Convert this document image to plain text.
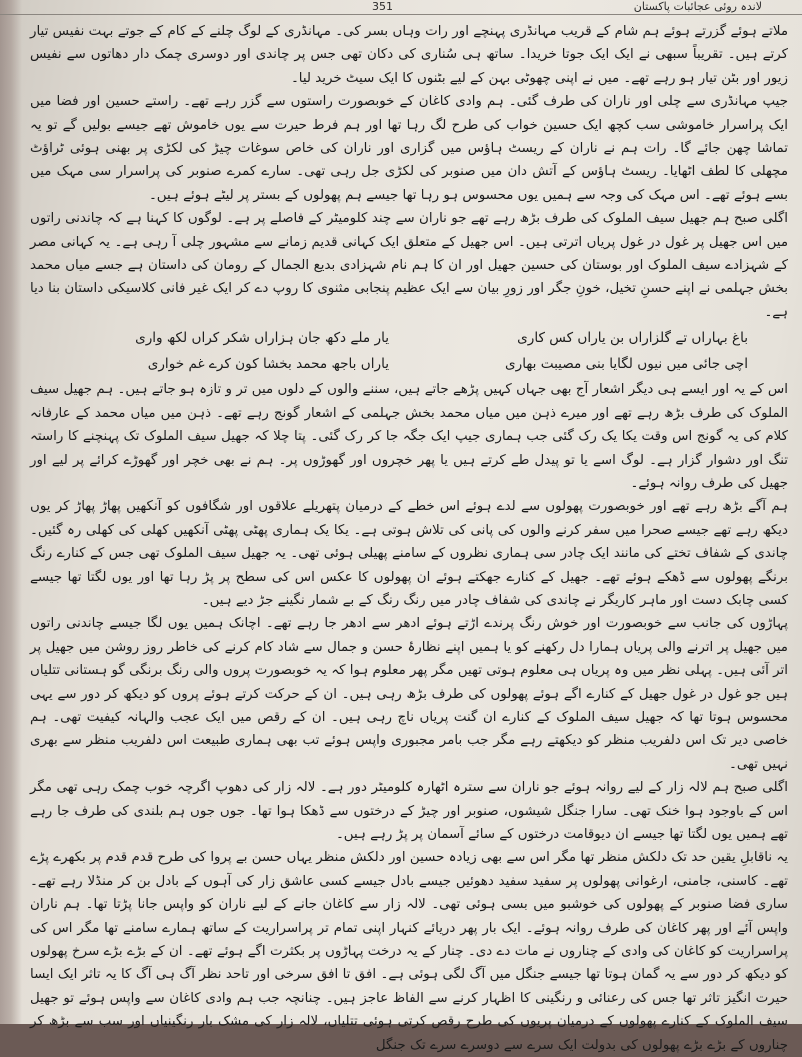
لاندہ روئی عجائبات پاکستان
351

ملاتے ہوئے گزرتے ہوئے ہم شام کے قریب مہانڈری پہنچے اور رات وہاں بسر کی۔ مہانڈری کے لوگ چلنے کے کام کے جوتے بہت نفیس تیار کرتے ہیں۔ تقریباً سبھی نے ایک ایک جوتا خریدا۔ ساتھ ہی سُناری کی دکان تھی جس پر چاندی اور دوسری چمک دار دھاتوں سے نفیس زیور اور بٹن تیار ہو رہے تھے۔ میں نے اپنی چھوٹی بہن کے لیے بٹنوں کا ایک سیٹ خرید لیا۔

جیپ مہانڈری سے چلی اور ناران کی طرف گئی۔ ہم وادی کاغان کے خوبصورت راستوں سے گزر رہے تھے۔ راستے حسین اور فضا میں ایک پراسرار خاموشی سب کچھ ایک حسین خواب کی طرح لگ رہا تھا اور ہم فرط حیرت سے یوں خاموش تھے جیسے بولیں گے تو یہ تماشا چھن جائے گا۔ رات ہم نے ناران کے ریسٹ ہاؤس میں گزاری اور ناران کی خاص سوغات چیڑ کی لکڑی پر بھنی ہوئی ٹراؤٹ مچھلی کا لطف اٹھایا۔ ریسٹ ہاؤس کے آتش دان میں صنوبر کی لکڑی جل رہی تھی۔ سارے کمرے صنوبر کی پراسرار سی مہک میں بسے ہوئے تھے۔ اس مہک کی وجہ سے ہمیں یوں محسوس ہو رہا تھا جیسے ہم پھولوں کے بستر پر لیٹے ہوئے ہیں۔

اگلی صبح ہم جھیل سیف الملوک کی طرف بڑھ رہے تھے جو ناران سے چند کلومیٹر کے فاصلے پر ہے۔ لوگوں کا کہنا ہے کہ چاندنی راتوں میں اس جھیل پر غول در غول پریاں اترتی ہیں۔ اس جھیل کے متعلق ایک کہانی قدیم زمانے سے مشہور چلی آ رہی ہے۔ یہ کہانی مصر کے شہزادے سیف الملوک اور بوستان کی حسین جھیل اور ان کا ہم نام شہزادی بدیع الجمال کے رومان کی داستان ہے جسے میاں محمد بخش جہلمی نے اپنے حسنِ تخیل، خونِ جگر اور زورِ بیان سے ایک عظیم پنجابی مثنوی کا روپ دے کر ایک غیر فانی کلاسیکی داستان بنا دیا ہے۔

باغ بہاراں تے گلزاراں بن یاراں کس کاری
یار ملے دکھ جان ہزاراں شکر کراں لکھ واری
اچی جائی میں نیوں لگایا بنی مصیبت بھاری
یاراں باجھ محمد بخشا کون کرے غم خواری

اس کے یہ اور ایسے ہی دیگر اشعار آج بھی جہاں کہیں پڑھے جاتے ہیں، سننے والوں کے دلوں میں تر و تازہ ہو جاتے ہیں۔ ہم جھیل سیف الملوک کی طرف بڑھ رہے تھے اور میرے ذہن میں میاں محمد بخش جہلمی کے اشعار گونج رہے تھے۔ ذہن میں میاں محمد کے عارفانہ کلام کی یہ گونج اس وقت یکا یک رک گئی جب ہماری جیپ ایک جگہ جا کر رک گئی۔ پتا چلا کہ جھیل سیف الملوک تک پہنچنے کا راستہ تنگ اور دشوار گزار ہے۔ لوگ اسے یا تو پیدل طے کرتے ہیں یا پھر خچروں اور گھوڑوں پر۔ ہم نے بھی خچر اور گھوڑے کرائے پر لیے اور جھیل کی طرف روانہ ہوئے۔

ہم آگے بڑھ رہے تھے اور خوبصورت پھولوں سے لدے ہوئے اس خطے کے درمیان پتھریلے علاقوں اور شگافوں کو آنکھیں پھاڑ پھاڑ کر یوں دیکھ رہے تھے جیسے صحرا میں سفر کرنے والوں کی پانی کی تلاش ہوتی ہے۔ یکا یک ہماری پھٹی پھٹی آنکھیں کھلی کی کھلی رہ گئیں۔ چاندی کے شفاف تختے کی مانند ایک چادر سی ہماری نظروں کے سامنے پھیلی ہوئی تھی۔ یہ جھیل سیف الملوک تھی جس کے کنارے رنگ برنگے پھولوں سے ڈھکے ہوئے تھے۔ جھیل کے کنارے جھکتے ہوئے ان پھولوں کا عکس اس کی سطح پر پڑ رہا تھا اور یوں لگتا تھا جیسے کسی چابک دست اور ماہر کاریگر نے چاندی کی شفاف چادر میں رنگ رنگ کے بے شمار نگینے جڑ دیے ہیں۔

پہاڑوں کی جانب سے خوبصورت اور خوش رنگ پرندے اڑتے ہوئے ادھر سے ادھر جا رہے تھے۔ اچانک ہمیں یوں لگا جیسے چاندنی راتوں میں جھیل پر اترنے والی پریاں ہمارا دل رکھنے کو یا ہمیں اپنے نظارۂ حسن و جمال سے شاد کام کرنے کی خاطر روز روشن میں جھیل پر اتر آئی ہیں۔ پہلی نظر میں وہ پریاں ہی معلوم ہوتی تھیں مگر پھر معلوم ہوا کہ یہ خوبصورت پروں والی رنگ برنگی گو ہستانی تتلیاں ہیں جو غول در غول جھیل کے کنارے اگے ہوئے پھولوں کی طرف بڑھ رہی ہیں۔ ان کے حرکت کرتے ہوئے پروں کو دیکھ کر دور سے یہی محسوس ہوتا تھا کہ جھیل سیف الملوک کے کنارے ان گنت پریاں ناچ رہی ہیں۔ ان کے رقص میں ایک عجب والہانہ کیفیت تھی۔ ہم خاصی دیر تک اس دلفریب منظر کو دیکھتے رہے مگر جب بامر مجبوری واپس ہوئے تب بھی ہماری طبیعت اس دلفریب منظر سے بھری نہیں تھی۔

اگلی صبح ہم لالہ زار کے لیے روانہ ہوئے جو ناران سے سترہ اٹھارہ کلومیٹر دور ہے۔ لالہ زار کی دھوپ اگرچہ خوب چمک رہی تھی مگر اس کے باوجود ہوا خنک تھی۔ سارا جنگل شیشوں، صنوبر اور چیڑ کے درختوں سے ڈھکا ہوا تھا۔ جوں جوں ہم بلندی کی طرف جا رہے تھے ہمیں یوں لگتا تھا جیسے ان دیوقامت درختوں کے سائے آسمان پر پڑ رہے ہیں۔

یہ ناقابلِ یقین حد تک دلکش منظر تھا مگر اس سے بھی زیادہ حسین اور دلکش منظر یہاں حسن بے پروا کی طرح قدم قدم پر بکھرے پڑے تھے۔ کاسنی، جامنی، ارغوانی پھولوں پر سفید سفید دھوئیں جیسے بادل جیسے کسی عاشق زار کی آہوں کے بادل بن کر منڈلا رہے تھے۔ ساری فضا صنوبر کے پھولوں کی خوشبو میں بسی ہوئی تھی۔ لالہ زار سے کاغان جانے کے لیے ناران کو واپس جانا پڑتا تھا۔ ہم ناران واپس آئے اور پھر کاغان کی طرف روانہ ہوئے۔ ایک بار پھر دریائے کنہار اپنی تمام تر پراسراریت کے ساتھ ہمارے سامنے تھا مگر اس کی پراسراریت کو کاغان کی وادی کے چناروں نے مات دے دی۔ چنار کے یہ درخت پہاڑوں پر بکثرت اگے ہوئے تھے۔ ان کے بڑے بڑے سرخ پھولوں کو دیکھ کر دور سے یہ گمان ہوتا تھا جیسے جنگل میں آگ لگی ہوئی ہے۔ افق تا افق سرخی اور تاحد نظر آگ ہی آگ کا یہ تاثر ایک ایسا حیرت انگیز تاثر تھا جس کی رعنائی و رنگینی کا اظہار کرنے سے الفاظ عاجز ہیں۔ چنانچہ جب ہم وادی کاغان سے واپس ہوئے تو جھیل سیف الملوک کے کنارے پھولوں کے درمیان پریوں کی طرح رقص کرتی ہوئی تتلیاں، لالہ زار کی مشک بار رنگینیاں اور سب سے بڑھ کر چناروں کے بڑے بڑے پھولوں کی بدولت ایک سرے سے دوسرے سرے تک جنگل
